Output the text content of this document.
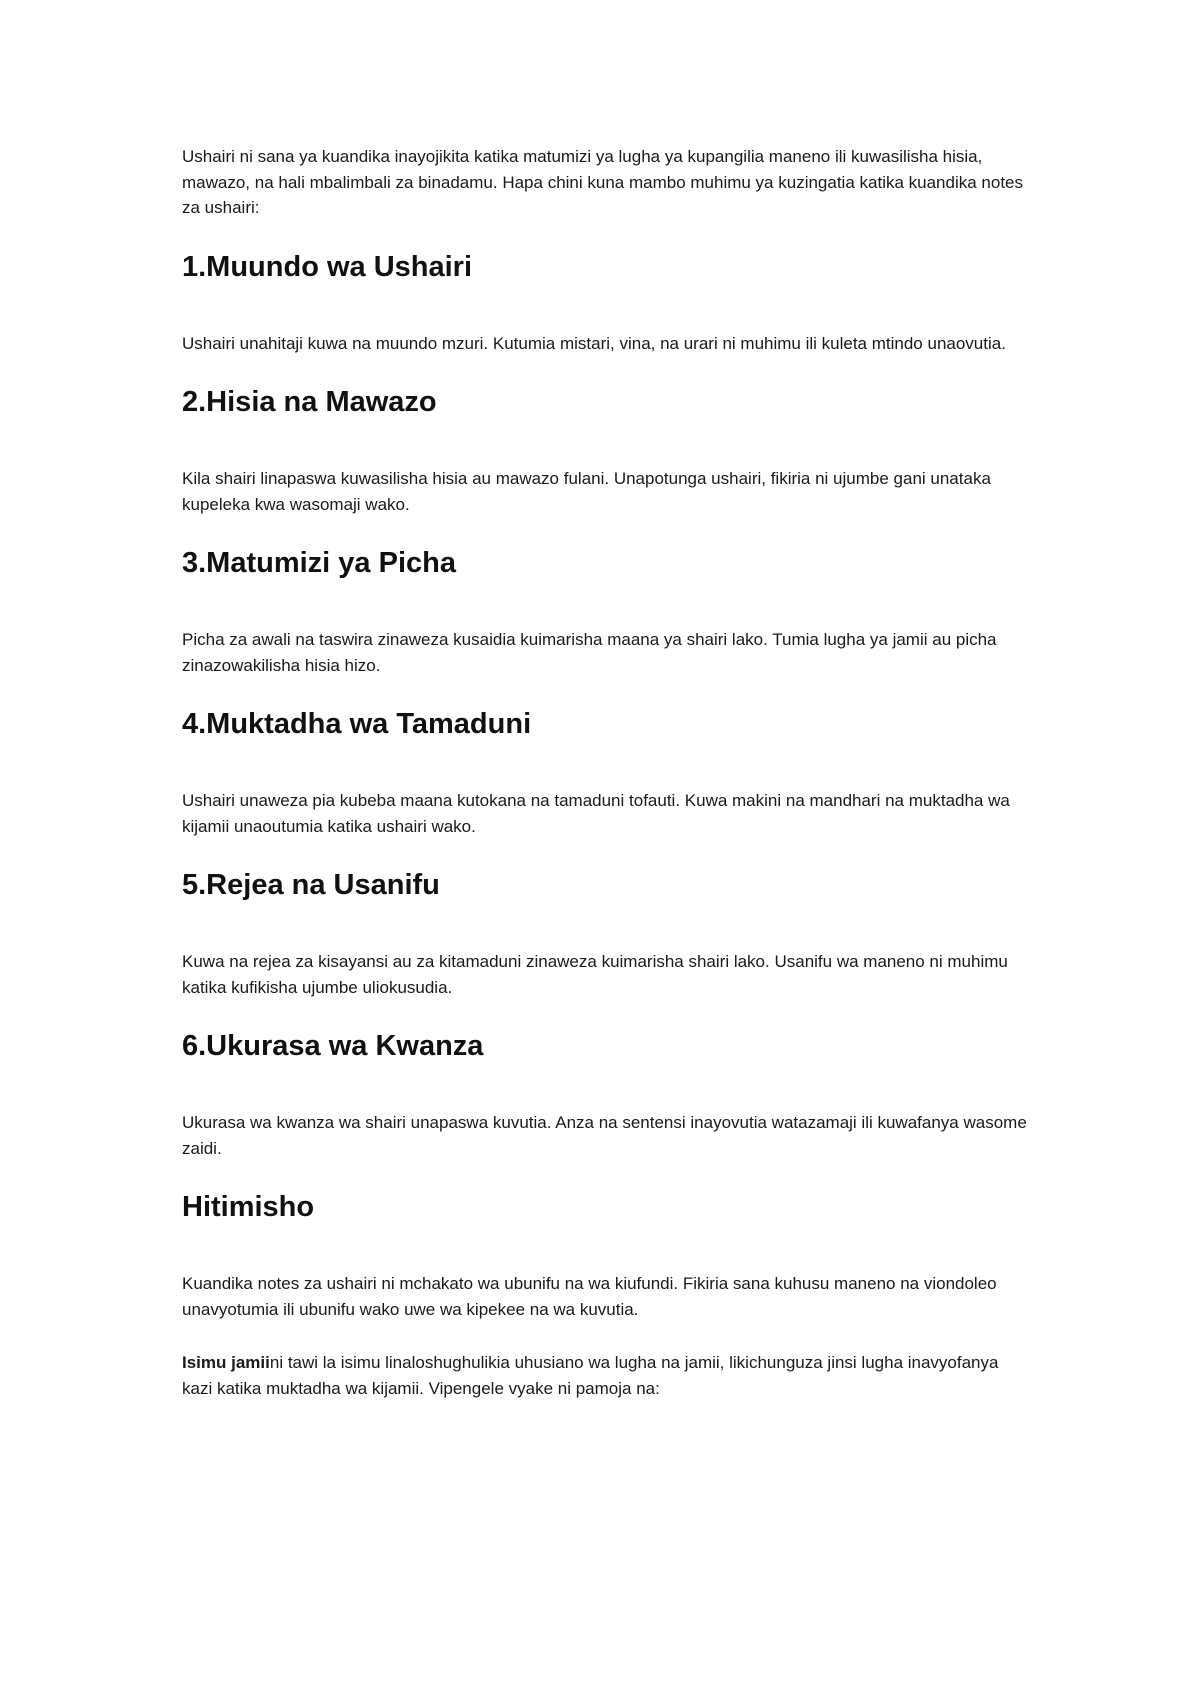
Ushairi ni sana ya kuandika inayojikita katika matumizi ya lugha ya kupangilia maneno ili kuwasilisha hisia, mawazo, na hali mbalimbali za binadamu. Hapa chini kuna mambo muhimu ya kuzingatia katika kuandika notes za ushairi:

1.Muundo wa Ushairi

Ushairi unahitaji kuwa na muundo mzuri. Kutumia mistari, vina, na urari ni muhimu ili kuleta mtindo unaovutia.

2.Hisia na Mawazo

Kila shairi linapaswa kuwasilisha hisia au mawazo fulani. Unapotunga ushairi, fikiria ni ujumbe gani unataka kupeleka kwa wasomaji wako.

3.Matumizi ya Picha

Picha za awali na taswira zinaweza kusaidia kuimarisha maana ya shairi lako. Tumia lugha ya jamii au picha zinazowakilisha hisia hizo.

4.Muktadha wa Tamaduni

Ushairi unaweza pia kubeba maana kutokana na tamaduni tofauti. Kuwa makini na mandhari na muktadha wa kijamii unaoutumia katika ushairi wako.

5.Rejea na Usanifu

Kuwa na rejea za kisayansi au za kitamaduni zinaweza kuimarisha shairi lako. Usanifu wa maneno ni muhimu katika kufikisha ujumbe uliokusudia.

6.Ukurasa wa Kwanza

Ukurasa wa kwanza wa shairi unapaswa kuvutia. Anza na sentensi inayovutia watazamaji ili kuwafanya wasome zaidi.

Hitimisho

Kuandika notes za ushairi ni mchakato wa ubunifu na wa kiufundi. Fikiria sana kuhusu maneno na viondoleo unavyotumia ili ubunifu wako uwe wa kipekee na wa kuvutia.

Isimu jamiini tawi la isimu linaloshughulikia uhusiano wa lugha na jamii, likichunguza jinsi lugha inavyofanya kazi katika muktadha wa kijamii. Vipengele vyake ni pamoja na:
